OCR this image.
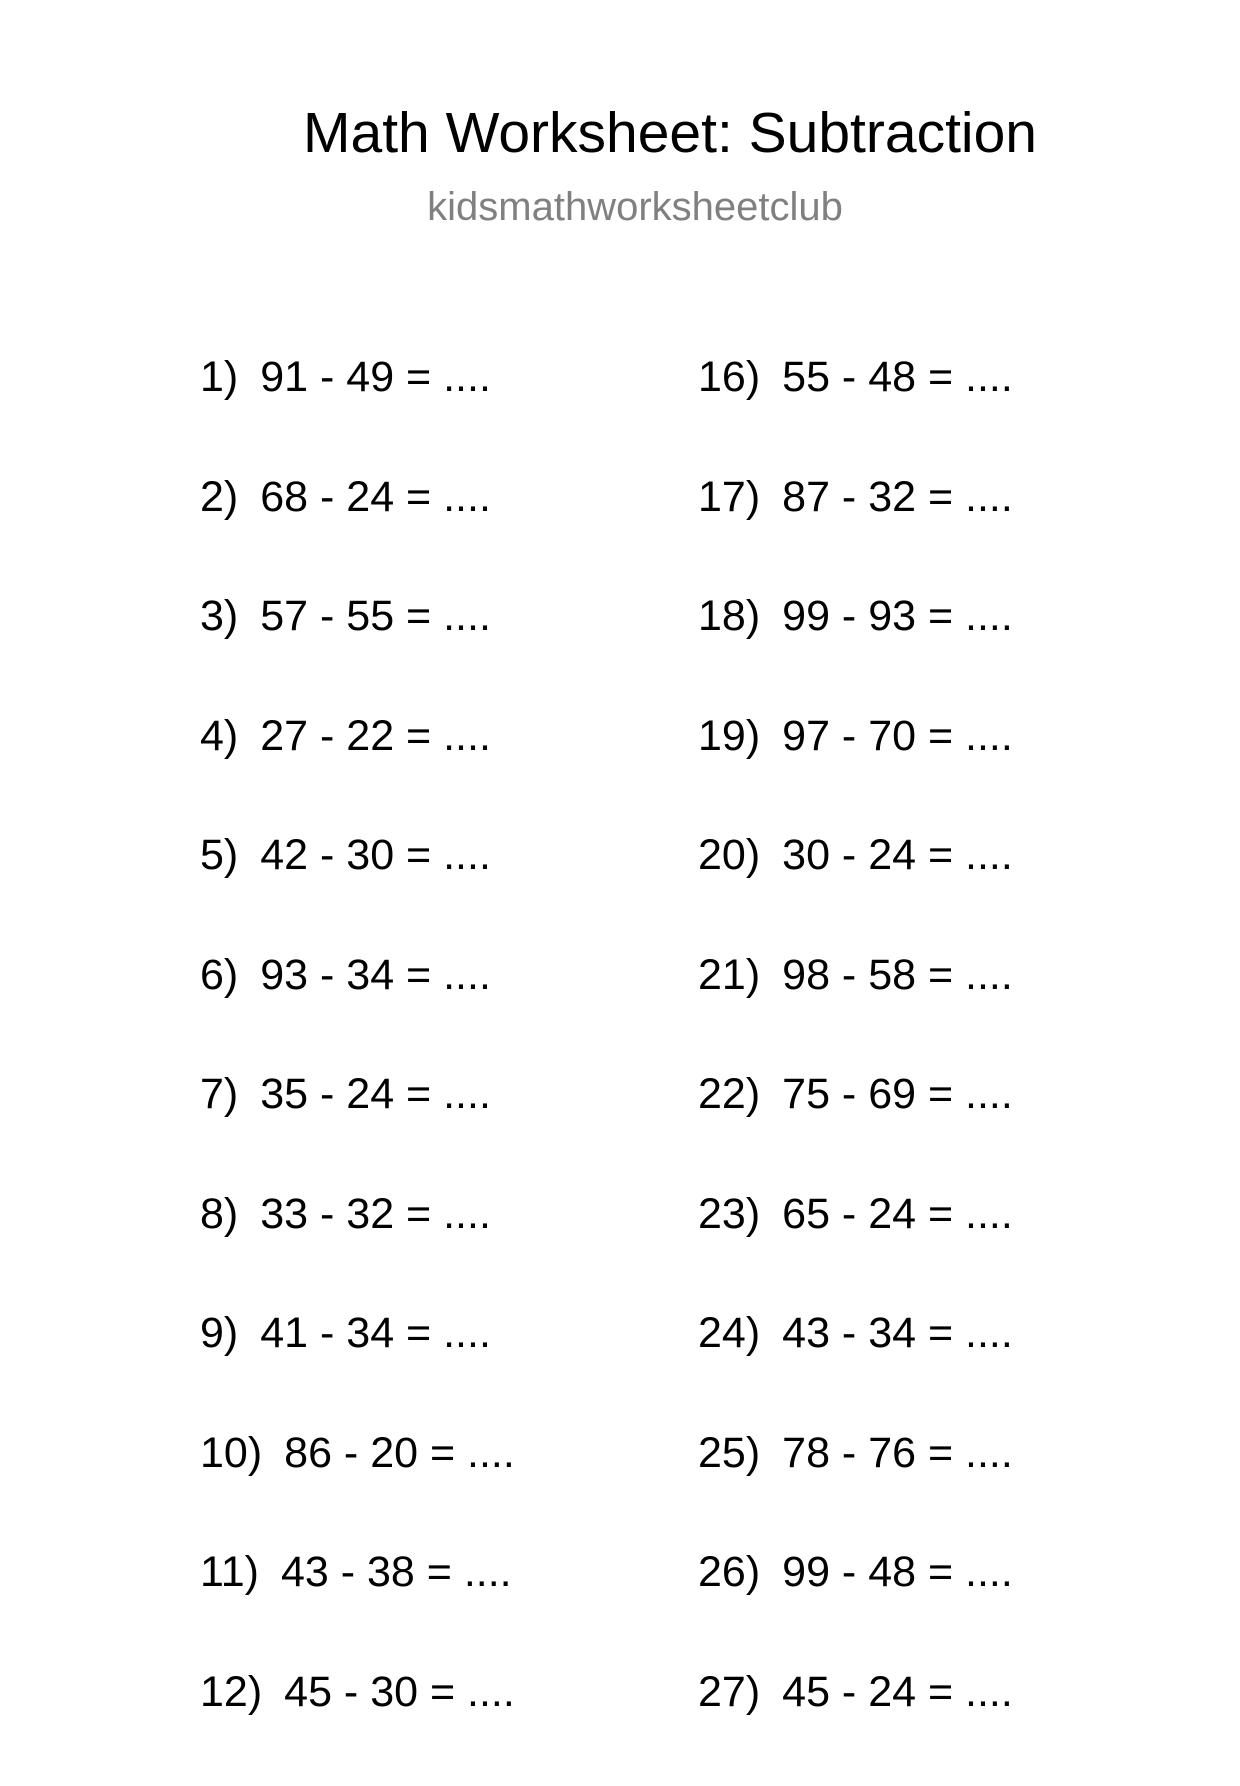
Math Worksheet: Subtraction
kidsmathworksheetclub
1) 91 - 49 = ....
2) 68 - 24 = ....
3) 57 - 55 = ....
4) 27 - 22 = ....
5) 42 - 30 = ....
6) 93 - 34 = ....
7) 35 - 24 = ....
8) 33 - 32 = ....
9) 41 - 34 = ....
10) 86 - 20 = ....
11) 43 - 38 = ....
12) 45 - 30 = ....
16) 55 - 48 = ....
17) 87 - 32 = ....
18) 99 - 93 = ....
19) 97 - 70 = ....
20) 30 - 24 = ....
21) 98 - 58 = ....
22) 75 - 69 = ....
23) 65 - 24 = ....
24) 43 - 34 = ....
25) 78 - 76 = ....
26) 99 - 48 = ....
27) 45 - 24 = ....
